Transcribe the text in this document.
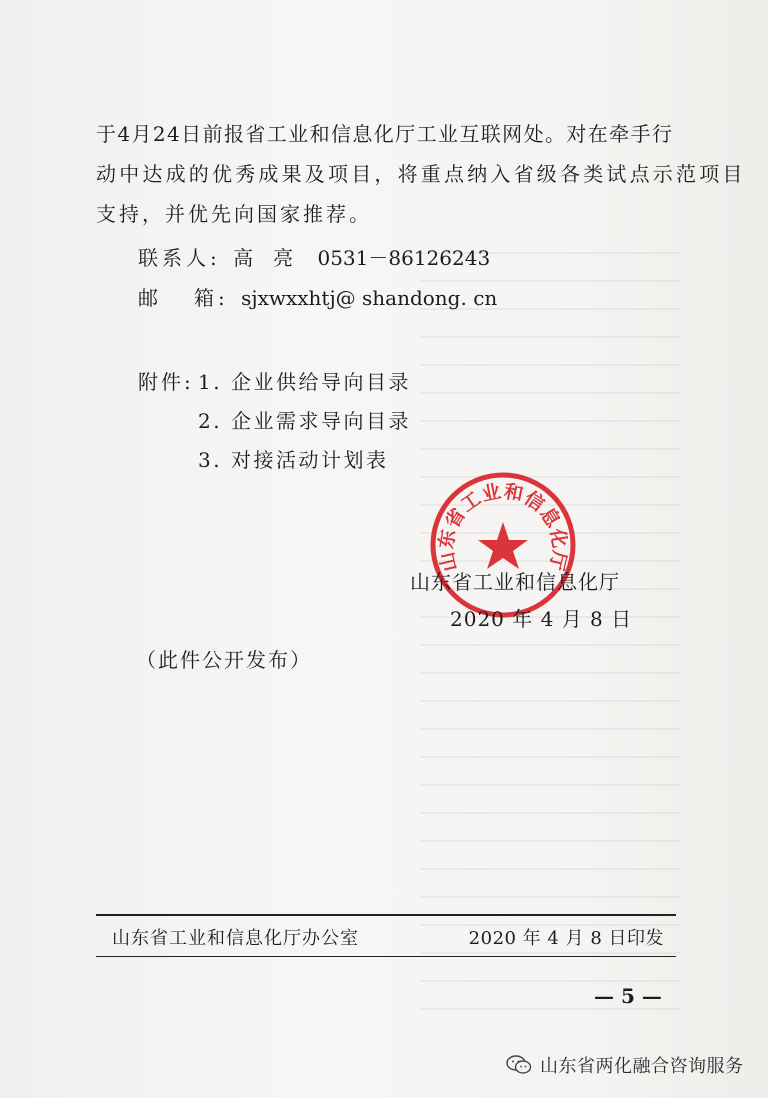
于4月24日前报省工业和信息化厅工业互联网处。对在牵手行
动中达成的优秀成果及项目，将重点纳入省级各类试点示范项目
支持，并优先向国家推荐。
联系人: 高　亮 0531－86126243
邮 箱: sjxwxxhtj@ shandong. cn
附件: 1. 企业供给导向目录
2. 企业需求导向目录
3. 对接活动计划表
山东省工业和信息化厅
山东省工业和信息化厅
2020 年 4 月 8 日
（此件公开发布）
山东省工业和信息化厅办公室	2020 年 4 月 8 日印发
— 5 —
山东省两化融合咨询服务
